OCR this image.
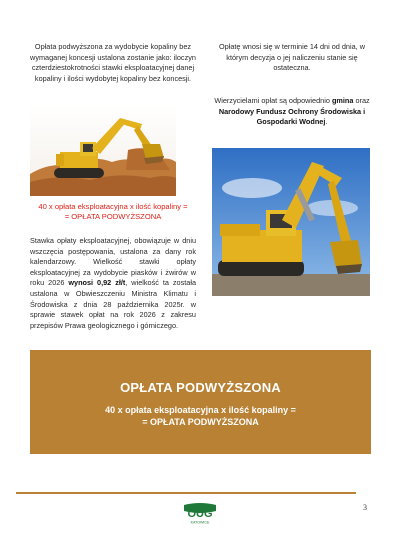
Opłata podwyższona za wydobycie kopaliny bez wymaganej koncesji ustalona zostanie jako: iloczyn czterdziestokrotności stawki eksploatacyjnej danej kopaliny i ilości wydobytej kopaliny bez koncesji.
40 x opłata eksploatacyjna x ilość kopaliny =
= OPŁATA PODWYŻSZONA
Stawka opłaty eksploatacyjnej, obowiązuje w dniu wszczęcia postępowania, ustalona za dany rok kalendarzowy. Wielkość stawki opłaty eksploatacyjnej za wydobycie piasków i żwirów w roku 2026 wynosi 0,92 zł/t, wielkość ta została ustalona w Obwieszczeniu Ministra Klimatu i Środowiska z dnia 28 października 2025r. w sprawie stawek opłat na rok 2026 z zakresu przepisów Prawa geologicznego i górniczego.
Opłatę wnosi się w terminie 14 dni od dnia, w którym decyzja o jej naliczeniu stanie się ostateczna.
Wierzycielami opłat są odpowiednio gmina oraz Narodowy Fundusz Ochrony Środowiska i Gospodarki Wodnej.
OPŁATA PODWYŻSZONA
40 x opłata eksploatacyjna x ilość kopaliny =
= OPŁATA PODWYŻSZONA
OUG
KATOWICE
3
